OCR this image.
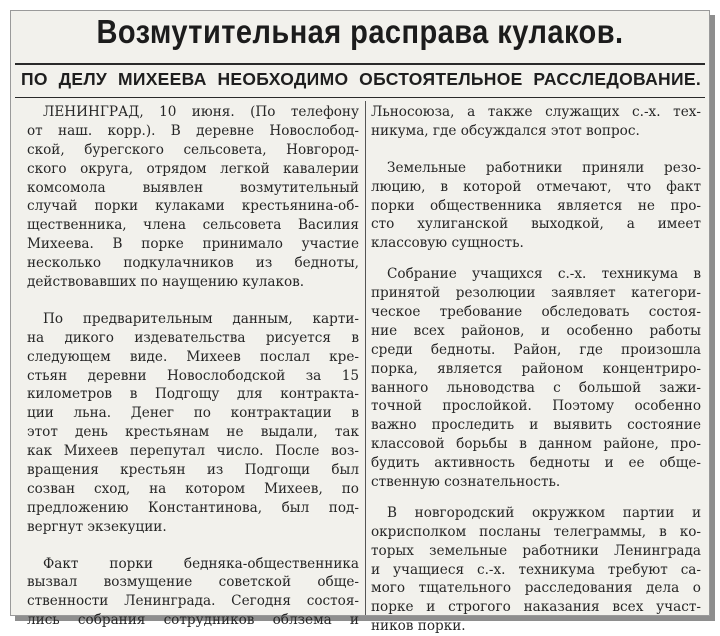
Возмутительная расправа кулаков.
ПО ДЕЛУ МИХЕЕВА НЕОБХОДИМО ОБСТОЯТЕЛЬНОЕ РАССЛЕДОВАНИЕ.
ЛЕНИНГРАД, 10 июня. (По телефону
от наш. корр.). В деревне Новослобод-
ской, бурегского сельсовета, Новгород-
ского округа, отрядом легкой кавалерии
комсомола выявлен возмутительный
случай порки кулаками крестьянина-об-
щественника, члена сельсовета Василия
Михеева. В порке принимало участие
несколько подкулачников из бедноты,
действовавших по наущению кулаков.
По предварительным данным, карти-
на дикого издевательства рисуется в
следующем виде. Михеев послал кре-
стьян деревни Новослободской за 15
километров в Подгощу для контракта-
ции льна. Денег по контрактации в
этот день крестьянам не выдали, так
как Михеев перепутал число. После воз-
вращения крестьян из Подгощи был
созван сход, на котором Михеев, по
предложению Константинова, был под-
вергнут экзекуции.
Факт порки бедняка-общественника
вызвал возмущение советской обще-
ственности Ленинграда. Сегодня состоя-
лись собрания сотрудников облзема и
Льносоюза, а также служащих с.-х. тех-
никума, где обсуждался этот вопрос.
Земельные работники приняли резо-
люцию, в которой отмечают, что факт
порки общественника является не про-
сто хулиганской выходкой, а имеет
классовую сущность.
Собрание учащихся с.-х. техникума в
принятой резолюции заявляет категори-
ческое требование обследовать состоя-
ние всех районов, и особенно работы
среди бедноты. Район, где произошла
порка, является районом концентриро-
ванного льноводства с большой зажи-
точной прослойкой. Поэтому особенно
важно проследить и выявить состояние
классовой борьбы в данном районе, про-
будить активность бедноты и ее обще-
ственную сознательность.
В новгородский окружком партии и
окрисполком посланы телеграммы, в ко-
торых земельные работники Ленинграда
и учащиеся с.-х. техникума требуют са-
мого тщательного расследования дела о
порке и строгого наказания всех участ-
ников порки.
